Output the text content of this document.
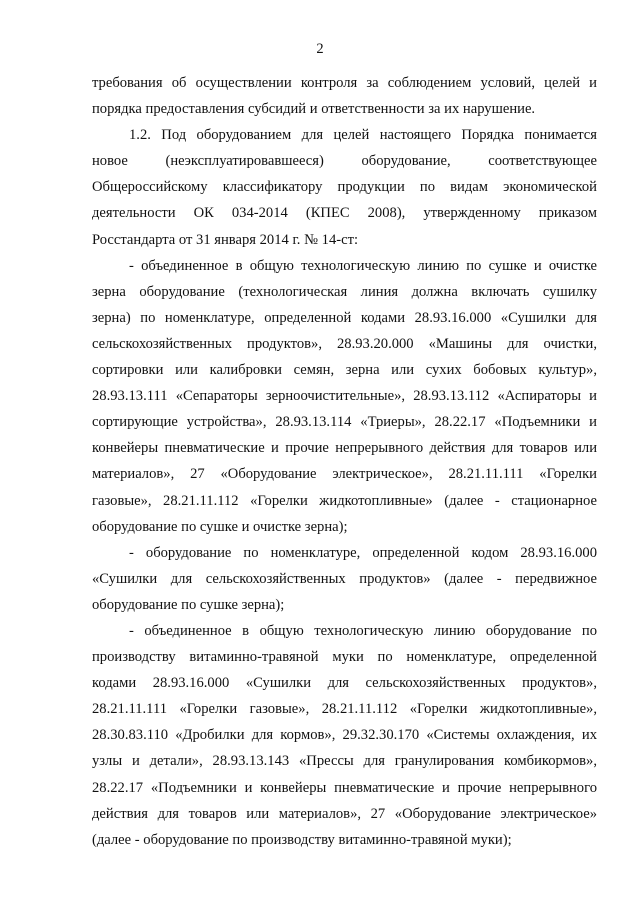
2

требования об осуществлении контроля за соблюдением условий, целей и
порядка предоставления субсидий и ответственности за их нарушение.

1.2. Под оборудованием для целей настоящего Порядка понимается
новое (неэксплуатировавшееся) оборудование, соответствующее
Общероссийскому классификатору продукции по видам экономической
деятельности ОК 034-2014 (КПЕС 2008), утвержденному приказом
Росстандарта от 31 января 2014 г. № 14-ст:

- объединенное в общую технологическую линию по сушке и очистке
зерна оборудование (технологическая линия должна включать сушилку
зерна) по номенклатуре, определенной кодами 28.93.16.000 «Сушилки для
сельскохозяйственных продуктов», 28.93.20.000 «Машины для очистки,
сортировки или калибровки семян, зерна или сухих бобовых культур»,
28.93.13.111 «Сепараторы зерноочистительные», 28.93.13.112 «Аспираторы и
сортирующие устройства», 28.93.13.114 «Триеры», 28.22.17 «Подъемники и
конвейеры пневматические и прочие непрерывного действия для товаров или
материалов», 27 «Оборудование электрическое», 28.21.11.111 «Горелки
газовые», 28.21.11.112 «Горелки жидкотопливные» (далее - стационарное
оборудование по сушке и очистке зерна);

- оборудование по номенклатуре, определенной кодом 28.93.16.000
«Сушилки для сельскохозяйственных продуктов» (далее - передвижное
оборудование по сушке зерна);

- объединенное в общую технологическую линию оборудование по
производству витаминно-травяной муки по номенклатуре, определенной
кодами 28.93.16.000 «Сушилки для сельскохозяйственных продуктов»,
28.21.11.111 «Горелки газовые», 28.21.11.112 «Горелки жидкотопливные»,
28.30.83.110 «Дробилки для кормов», 29.32.30.170 «Системы охлаждения, их
узлы и детали», 28.93.13.143 «Прессы для гранулирования комбикормов»,
28.22.17 «Подъемники и конвейеры пневматические и прочие непрерывного
действия для товаров или материалов», 27 «Оборудование электрическое»
(далее - оборудование по производству витаминно-травяной муки);
